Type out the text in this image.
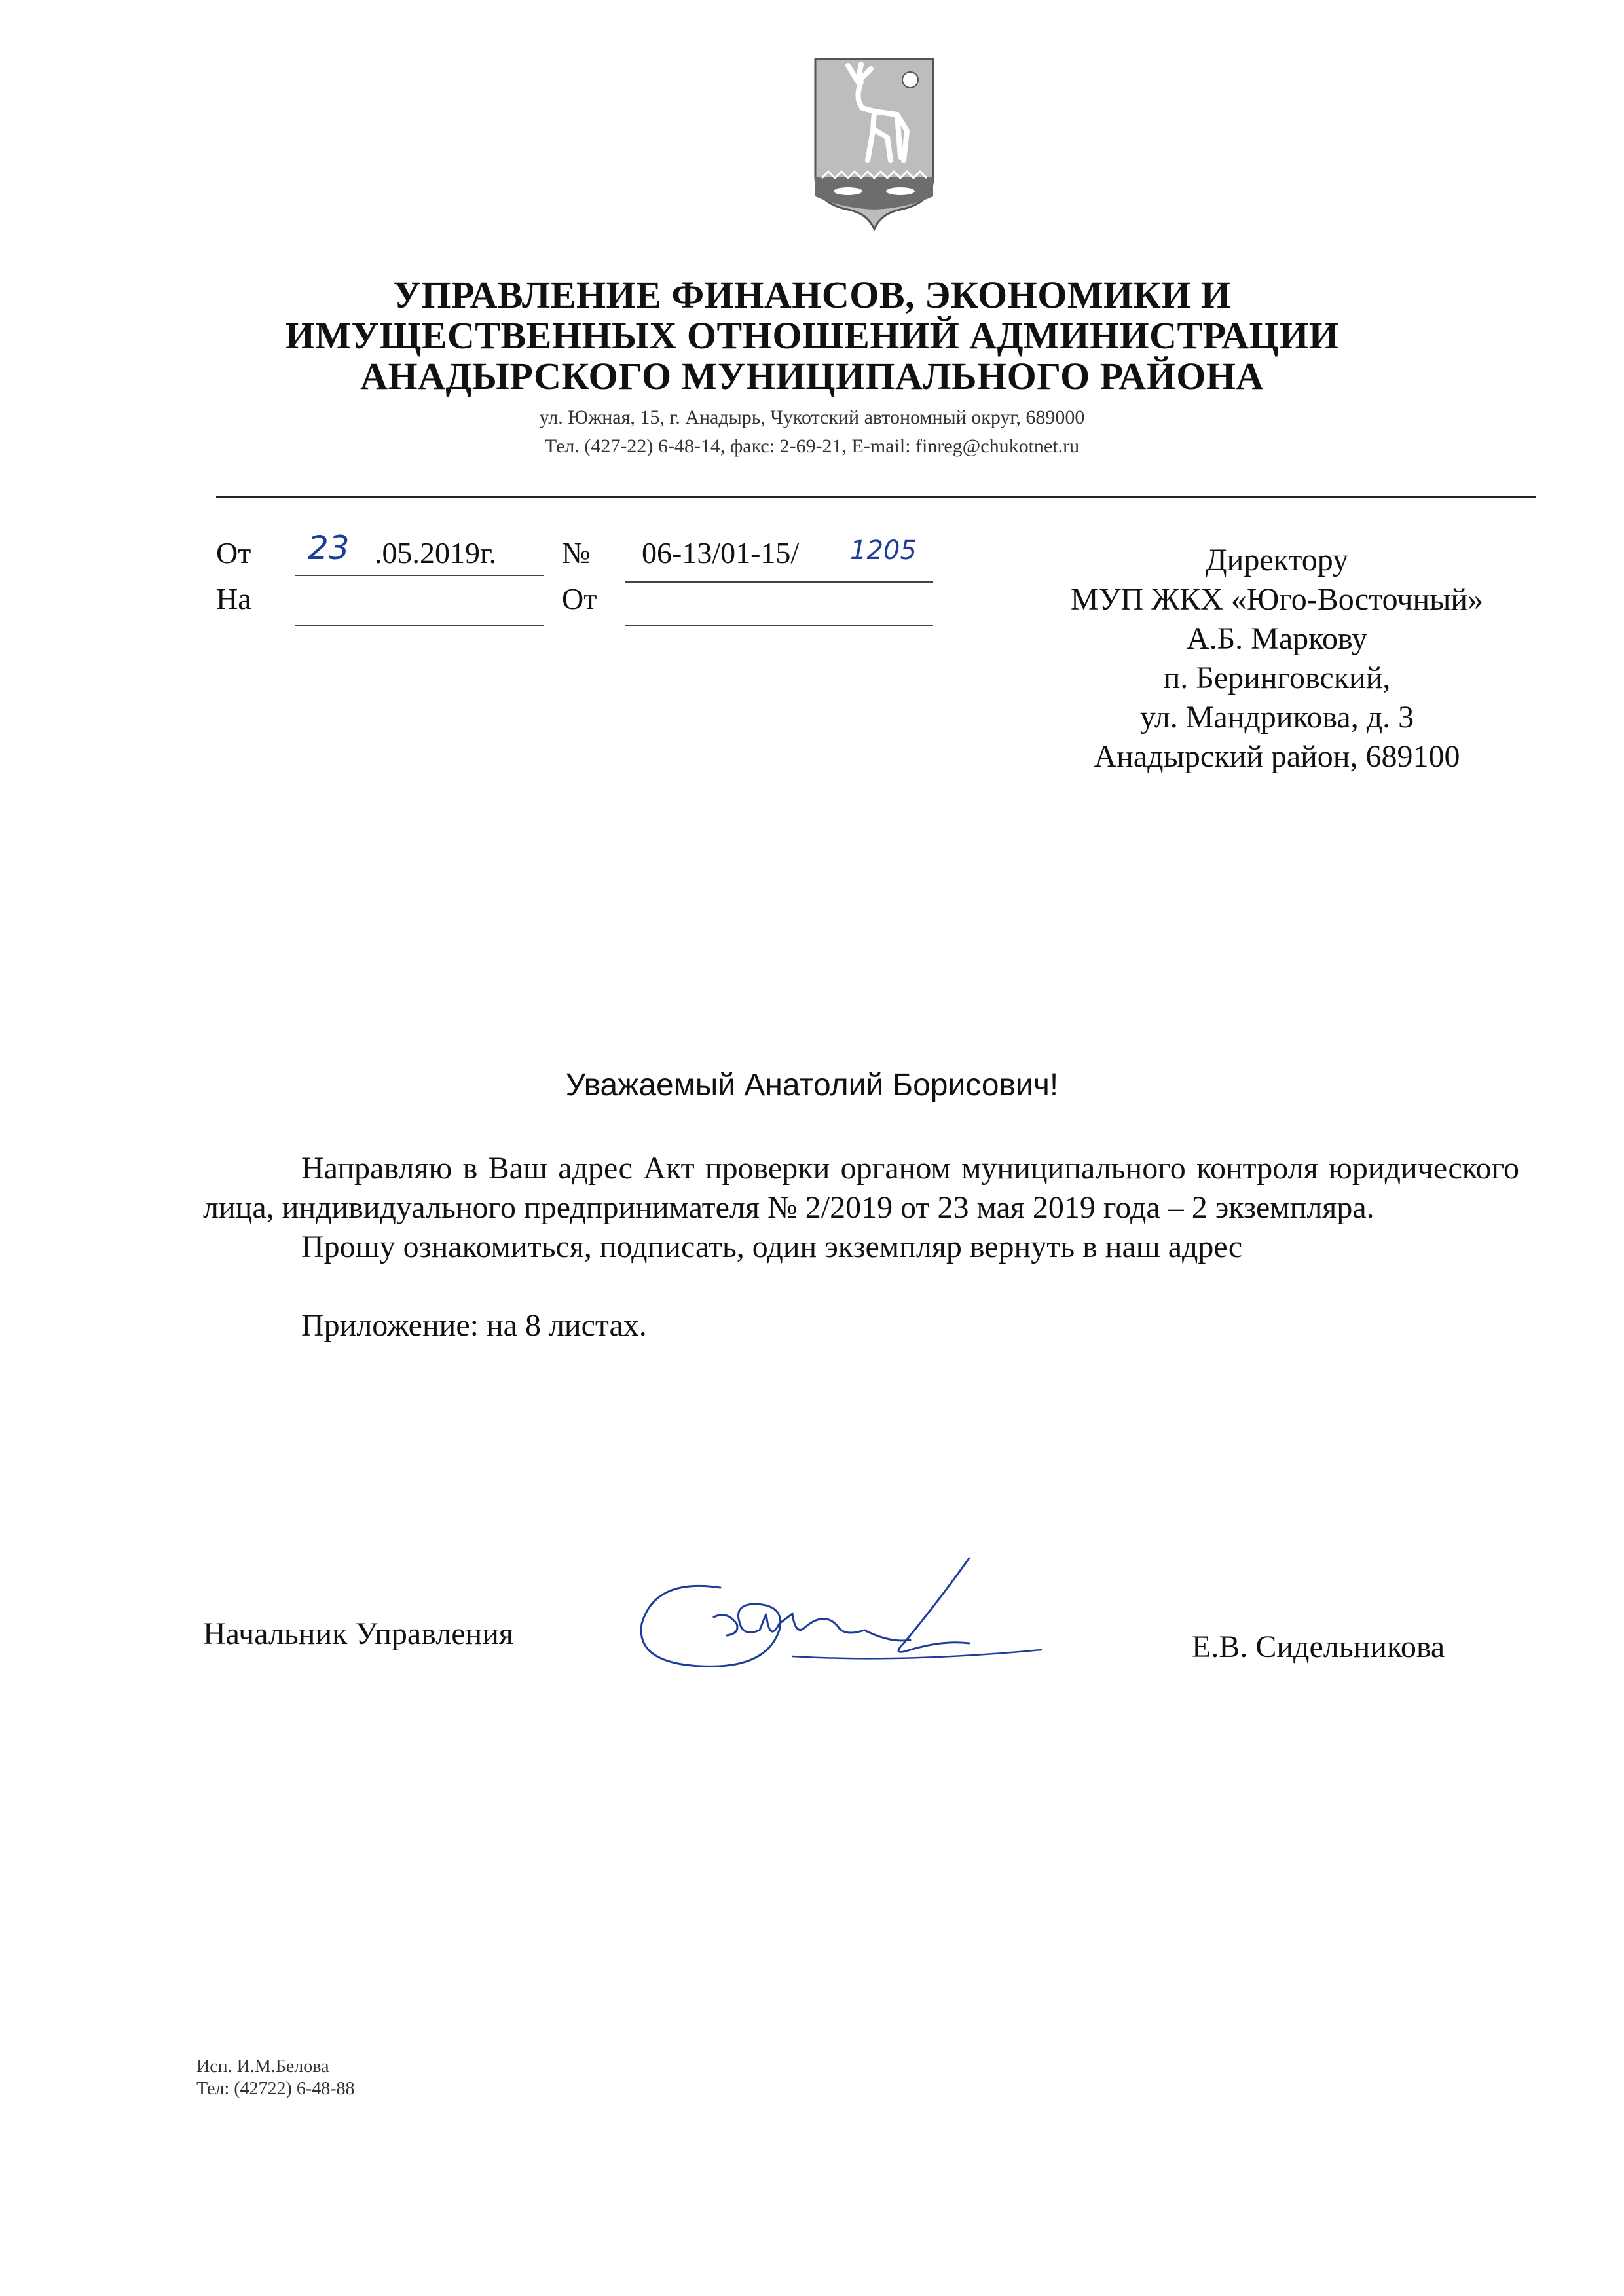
УПРАВЛЕНИЕ ФИНАНСОВ, ЭКОНОМИКИ И
ИМУЩЕСТВЕННЫХ ОТНОШЕНИЙ АДМИНИСТРАЦИИ
АНАДЫРСКОГО МУНИЦИПАЛЬНОГО РАЙОНА
ул. Южная, 15, г. Анадырь, Чукотский автономный округ, 689000
Тел. (427-22) 6-48-14, факс: 2-69-21, E-mail: finreg@chukotnet.ru
От 23 .05.2019г. № 06-13/01-15/ 1205
На	От
Директору
МУП ЖКХ «Юго-Восточный»
А.Б. Маркову
п. Беринговский,
ул. Мандрикова, д. 3
Анадырский район, 689100
Уважаемый Анатолий Борисович!

Направляю в Ваш адрес Акт проверки органом муниципального контроля юридического лица, индивидуального предпринимателя № 2/2019 от 23 мая 2019 года – 2 экземпляра.

Прошу ознакомиться, подписать, один экземпляр вернуть в наш адрес

Приложение: на 8 листах.

Начальник Управления	Е.В. Сидельникова
Исп. И.М.Белова
Тел: (42722) 6-48-88
